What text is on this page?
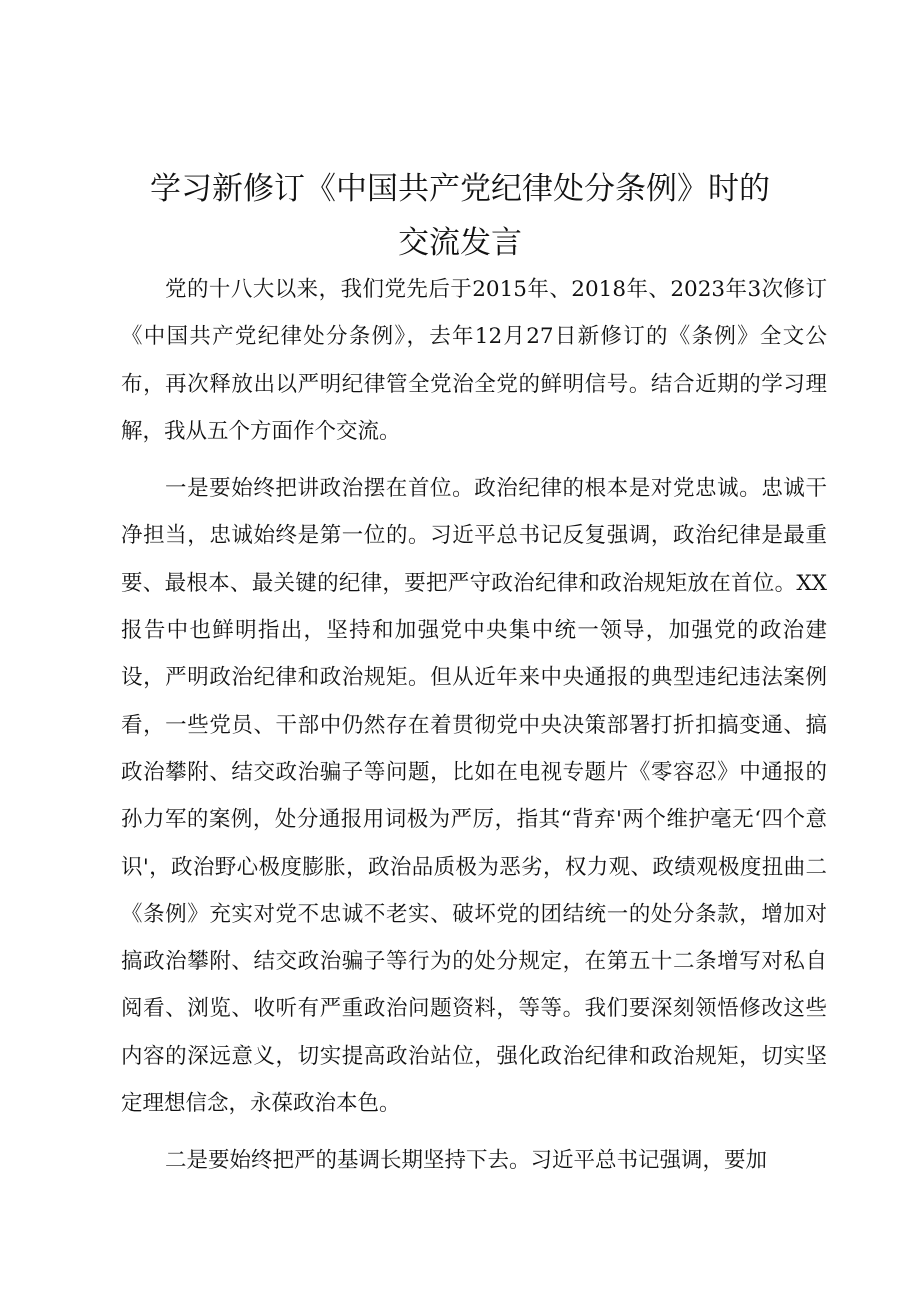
学习新修订《中国共产党纪律处分条例》时的
交流发言

党的十八大以来，我们党先后于2015年、2018年、2023年3次修订《中国共产党纪律处分条例》，去年12月27日新修订的《条例》全文公布，再次释放出以严明纪律管全党治全党的鲜明信号。结合近期的学习理解，我从五个方面作个交流。

一是要始终把讲政治摆在首位。政治纪律的根本是对党忠诚。忠诚干净担当，忠诚始终是第一位的。习近平总书记反复强调，政治纪律是最重要、最根本、最关键的纪律，要把严守政治纪律和政治规矩放在首位。XX报告中也鲜明指出，坚持和加强党中央集中统一领导，加强党的政治建设，严明政治纪律和政治规矩。但从近年来中央通报的典型违纪违法案例看，一些党员、干部中仍然存在着贯彻党中央决策部署打折扣搞变通、搞政治攀附、结交政治骗子等问题，比如在电视专题片《零容忍》中通报的孙力军的案例，处分通报用词极为严厉，指其“背弃'两个维护毫无‘四个意识'，政治野心极度膨胀，政治品质极为恶劣，权力观、政绩观极度扭曲二《条例》充实对党不忠诚不老实、破坏党的团结统一的处分条款，增加对搞政治攀附、结交政治骗子等行为的处分规定，在第五十二条增写对私自阅看、浏览、收听有严重政治问题资料，等等。我们要深刻领悟修改这些内容的深远意义，切实提高政治站位，强化政治纪律和政治规矩，切实坚定理想信念，永葆政治本色。

二是要始终把严的基调长期坚持下去。习近平总书记强调，要加
